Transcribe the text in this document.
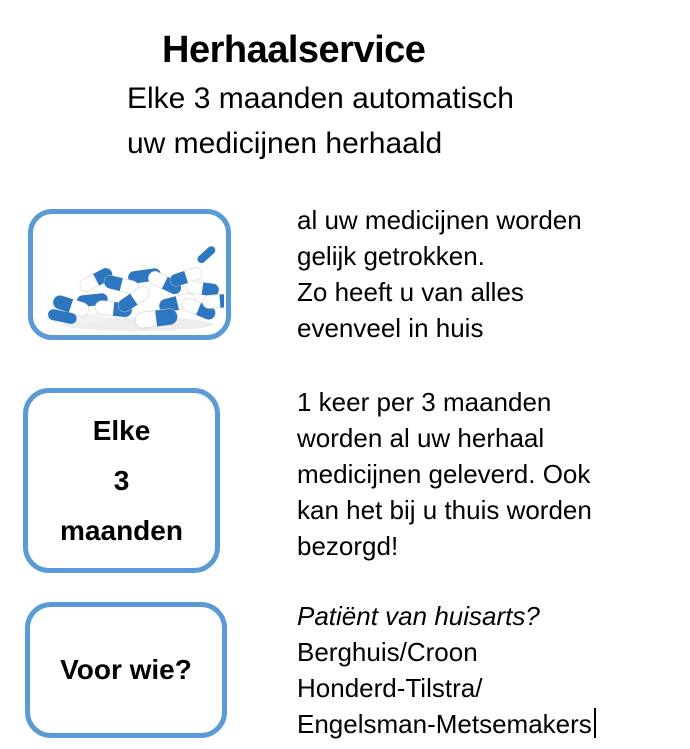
Herhaalservice
Elke 3 maanden automatisch
uw medicijnen herhaald
al uw medicijnen worden
gelijk getrokken.
Zo heeft u van alles
evenveel in huis
Elke
3
maanden
1 keer per 3 maanden
worden al uw herhaal
medicijnen geleverd. Ook
kan het bij u thuis worden
bezorgd!
Voor wie?
Patiënt van huisarts?
Berghuis/Croon
Honderd-Tilstra/
Engelsman-Metsemakers
